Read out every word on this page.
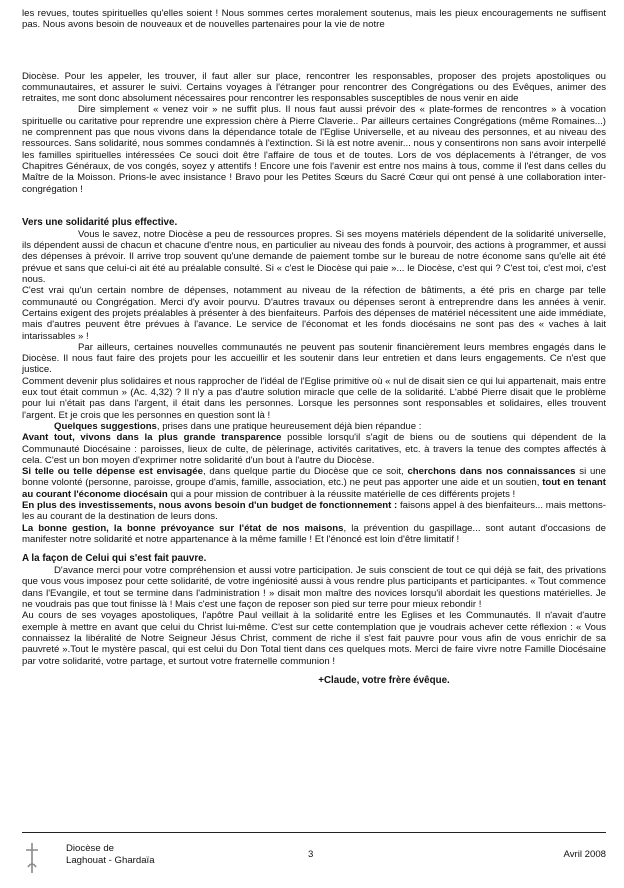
les revues, toutes spirituelles qu'elles soient ! Nous sommes certes moralement soutenus, mais les pieux encouragements ne suffisent pas. Nous avons besoin de nouveaux et de nouvelles partenaires pour la vie de notre

Diocèse. Pour les appeler, les trouver, il faut aller sur place, rencontrer les responsables, proposer des projets apostoliques ou communautaires, et assurer le suivi. Certains voyages à l'étranger pour rencontrer des Congrégations ou des Evêques, animer des retraites, me sont donc absolument nécessaires pour rencontrer les responsables susceptibles de nous venir en aide

Dire simplement « venez voir » ne suffit plus. Il nous faut aussi prévoir des « plate-formes de rencontres » à vocation spirituelle ou caritative pour reprendre une expression chère à Pierre Claverie.. Par ailleurs certaines Congrégations (même Romaines...) ne comprennent pas que nous vivons dans la dépendance totale de l'Eglise Universelle, et au niveau des personnes, et au niveau des ressources. Sans solidarité, nous sommes condamnés à l'extinction. Si là est notre avenir... nous y consentirons non sans avoir interpellé les familles spirituelles intéressées Ce souci doit être l'affaire de tous et de toutes. Lors de vos déplacements à l'étranger, de vos Chapitres Généraux, de vos congés, soyez y attentifs ! Encore une fois l'avenir est entre nos mains à tous, comme il l'est dans celles du Maître de la Moisson. Prions-le avec insistance ! Bravo pour les Petites Sœurs du Sacré Cœur qui ont pensé à une collaboration inter-congrégation !

Vers une solidarité plus effective.

Vous le savez, notre Diocèse a peu de ressources propres. Si ses moyens matériels dépendent de la solidarité universelle, ils dépendent aussi de chacun et chacune d'entre nous, en particulier au niveau des fonds à pourvoir, des actions à programmer, et aussi des dépenses à prévoir. Il arrive trop souvent qu'une demande de paiement tombe sur le bureau de notre économe sans qu'elle ait été prévue et sans que celui-ci ait été au préalable consulté. Si « c'est le Diocèse qui paie »... le Diocèse, c'est qui ? C'est toi, c'est moi, c'est nous.

C'est vrai qu'un certain nombre de dépenses, notamment au niveau de la réfection de bâtiments, a été pris en charge par telle communauté ou Congrégation. Merci d'y avoir pourvu. D'autres travaux ou dépenses seront à entreprendre dans les années à venir. Certains exigent des projets préalables à présenter à des bienfaiteurs. Parfois des dépenses de matériel nécessitent une aide immédiate, mais d'autres peuvent être prévues à l'avance. Le service de l'économat et les fonds diocésains ne sont pas des « vaches à lait intarissables » !

Par ailleurs, certaines nouvelles communautés ne peuvent pas soutenir financièrement leurs membres engagés dans le Diocèse. Il nous faut faire des projets pour les accueillir et les soutenir dans leur entretien et dans leurs engagements. Ce n'est que justice.

Comment devenir plus solidaires et nous rapprocher de l'idéal de l'Eglise primitive où « nul de disait sien ce qui lui appartenait, mais entre eux tout était commun » (Ac. 4,32) ? Il n'y a pas d'autre solution miracle que celle de la solidarité. L'abbé Pierre disait que le problème pour lui n'était pas dans l'argent, il était dans les personnes. Lorsque les personnes sont responsables et solidaires, elles trouvent l'argent. Et je crois que les personnes en question sont là !

Quelques suggestions, prises dans une pratique heureusement déjà bien répandue :

Avant tout, vivons dans la plus grande transparence possible lorsqu'il s'agit de biens ou de soutiens qui dépendent de la Communauté Diocésaine : paroisses, lieux de culte, de pèlerinage, activités caritatives, etc. à travers la tenue des comptes affectés à cela. C'est un bon moyen d'exprimer notre solidarité d'un bout à l'autre du Diocèse.

Si telle ou telle dépense est envisagée, dans quelque partie du Diocèse que ce soit, cherchons dans nos connaissances si une bonne volonté (personne, paroisse, groupe d'amis, famille, association, etc.) ne peut pas apporter une aide et un soutien, tout en tenant au courant l'économe diocésain qui a pour mission de contribuer à la réussite matérielle de ces différents projets !

En plus des investissements, nous avons besoin d'un budget de fonctionnement : faisons appel à des bienfaiteurs... mais mettons-les au courant de la destination de leurs dons.

La bonne gestion, la bonne prévoyance sur l'état de nos maisons, la prévention du gaspillage... sont autant d'occasions de manifester notre solidarité et notre appartenance à la même famille ! Et l'énoncé est loin d'être limitatif !

A la façon de Celui qui s'est fait pauvre.

D'avance merci pour votre compréhension et aussi votre participation. Je suis conscient de tout ce qui déjà se fait, des privations que vous vous imposez pour cette solidarité, de votre ingéniosité aussi à vous rendre plus participants et participantes. « Tout commence dans l'Evangile, et tout se termine dans l'administration ! » disait mon maître des novices lorsqu'il abordait les questions matérielles. Je ne voudrais pas que tout finisse là ! Mais c'est une façon de reposer son pied sur terre pour mieux rebondir !

Au cours de ses voyages apostoliques, l'apôtre Paul veillait à la solidarité entre les Eglises et les Communautés. Il n'avait d'autre exemple à mettre en avant que celui du Christ lui-même. C'est sur cette contemplation que je voudrais achever cette réflexion : « Vous connaissez la libéralité de Notre Seigneur Jésus Christ, comment de riche il s'est fait pauvre pour vous afin de vous enrichir de sa pauvreté ».Tout le mystère pascal, qui est celui du Don Total tient dans ces quelques mots. Merci de faire vivre notre Famille Diocésaine par votre solidarité, votre partage, et surtout votre fraternelle communion !

+Claude, votre frère évêque.
Diocèse de
Laghouat - Ghardaïa	3	Avril 2008
